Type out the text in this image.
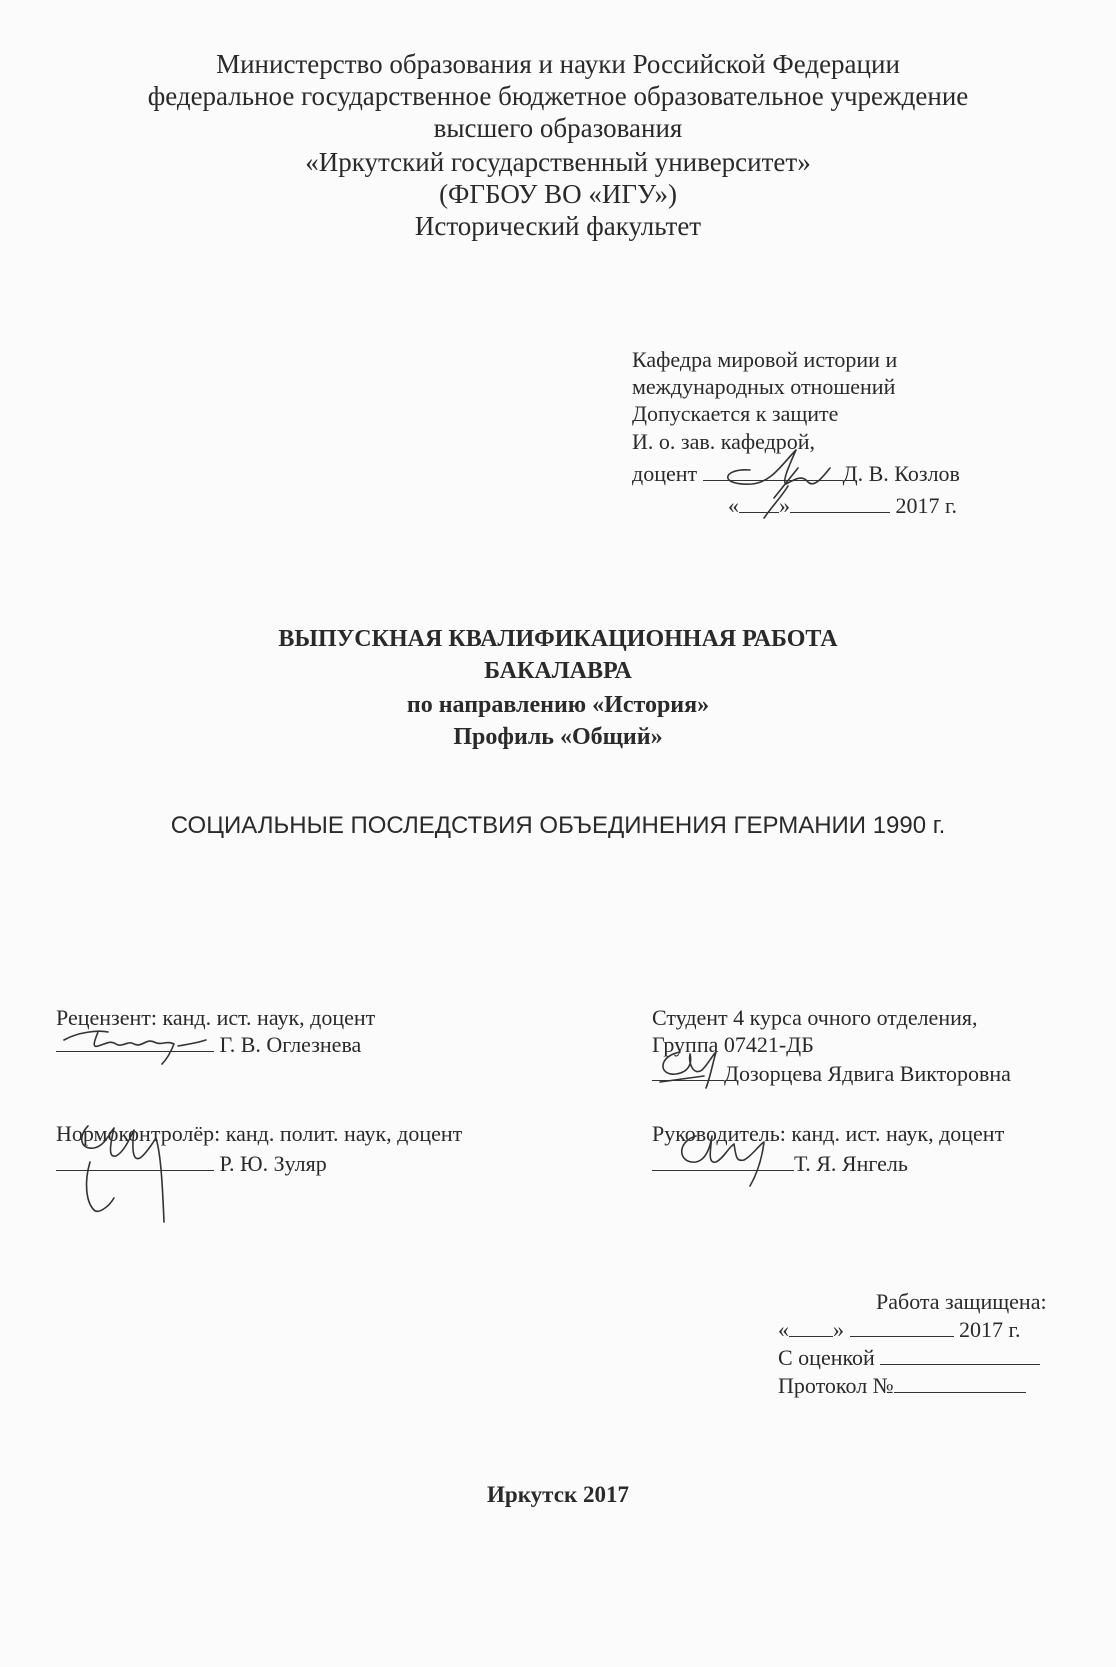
Министерство образования и науки Российской Федерации
федеральное государственное бюджетное образовательное учреждение
высшего образования
«Иркутский государственный университет»
(ФГБОУ ВО «ИГУ»)
Исторический факультет
Кафедра мировой истории и
международных отношений
Допускается к защите
И. о. зав. кафедрой,
доцент	Д. В. Козлов
« »	2017 г.
ВЫПУСКНАЯ КВАЛИФИКАЦИОННАЯ РАБОТА
БАКАЛАВРА
по направлению «История»
Профиль «Общий»
СОЦИАЛЬНЫЕ ПОСЛЕДСТВИЯ ОБЪЕДИНЕНИЯ ГЕРМАНИИ 1990 г.
Рецензент: канд. ист. наук, доцент
Г. В. Оглезнева
Студент 4 курса очного отделения,
Группа 07421-ДБ
Дозорцева Ядвига Викторовна
Нормоконтролёр: канд. полит. наук, доцент
Р. Ю. Зуляр
Руководитель: канд. ист. наук, доцент
Т. Я. Янгель
Работа защищена:
« »	2017 г.
С оценкой
Протокол №
Иркутск 2017
